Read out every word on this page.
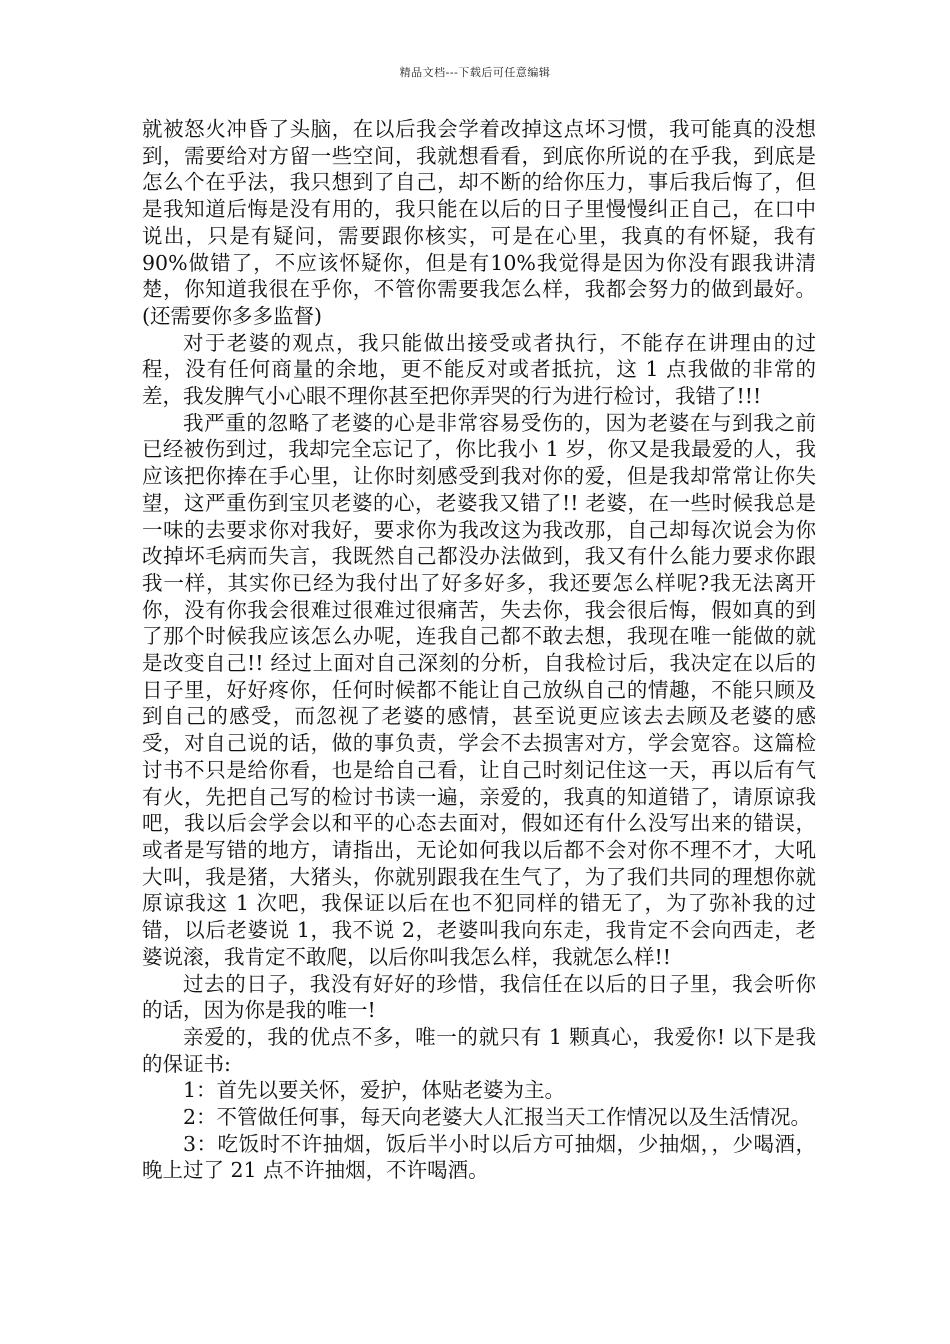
精品文档---下载后可任意编辑

就被怒火冲昏了头脑，在以后我会学着改掉这点坏习惯，我可能真的没想到，需要给对方留一些空间，我就想看看，到底你所说的在乎我，到底是怎么个在乎法，我只想到了自己，却不断的给你压力，事后我后悔了，但是我知道后悔是没有用的，我只能在以后的日子里慢慢纠正自己，在口中说出，只是有疑问，需要跟你核实，可是在心里，我真的有怀疑，我有90%做错了，不应该怀疑你，但是有10%我觉得是因为你没有跟我讲清楚，你知道我很在乎你，不管你需要我怎么样，我都会努力的做到最好。(还需要你多多监督)

对于老婆的观点，我只能做出接受或者执行，不能存在讲理由的过程，没有任何商量的余地，更不能反对或者抵抗，这 1 点我做的非常的差，我发脾气小心眼不理你甚至把你弄哭的行为进行检讨，我错了!!!

我严重的忽略了老婆的心是非常容易受伤的，因为老婆在与到我之前已经被伤到过，我却完全忘记了，你比我小 1 岁，你又是我最爱的人，我应该把你捧在手心里，让你时刻感受到我对你的爱，但是我却常常让你失望，这严重伤到宝贝老婆的心，老婆我又错了!! 老婆，在一些时候我总是一味的去要求你对我好，要求你为我改这为我改那，自己却每次说会为你改掉坏毛病而失言，我既然自己都没办法做到，我又有什么能力要求你跟我一样，其实你已经为我付出了好多好多，我还要怎么样呢?我无法离开你，没有你我会很难过很难过很痛苦，失去你，我会很后悔，假如真的到了那个时候我应该怎么办呢，连我自己都不敢去想，我现在唯一能做的就是改变自己!! 经过上面对自己深刻的分析，自我检讨后，我决定在以后的日子里，好好疼你，任何时候都不能让自己放纵自己的情趣，不能只顾及到自己的感受，而忽视了老婆的感情，甚至说更应该去去顾及老婆的感受，对自己说的话，做的事负责，学会不去损害对方，学会宽容。这篇检讨书不只是给你看，也是给自己看，让自己时刻记住这一天，再以后有气有火，先把自己写的检讨书读一遍，亲爱的，我真的知道错了，请原谅我吧，我以后会学会以和平的心态去面对，假如还有什么没写出来的错误，或者是写错的地方，请指出，无论如何我以后都不会对你不理不才，大吼大叫，我是猪，大猪头，你就别跟我在生气了，为了我们共同的理想你就原谅我这 1 次吧，我保证以后在也不犯同样的错无了，为了弥补我的过错，以后老婆说 1，我不说 2，老婆叫我向东走，我肯定不会向西走，老婆说滚，我肯定不敢爬，以后你叫我怎么样，我就怎么样!!

过去的日子，我没有好好的珍惜，我信任在以后的日子里，我会听你的话，因为你是我的唯一!

亲爱的，我的优点不多，唯一的就只有 1 颗真心，我爱你! 以下是我的保证书:

1：首先以要关怀，爱护，体贴老婆为主。

2：不管做任何事，每天向老婆大人汇报当天工作情况以及生活情况。

3：吃饭时不许抽烟，饭后半小时以后方可抽烟，少抽烟，，少喝酒，晚上过了 21 点不许抽烟，不许喝酒。
